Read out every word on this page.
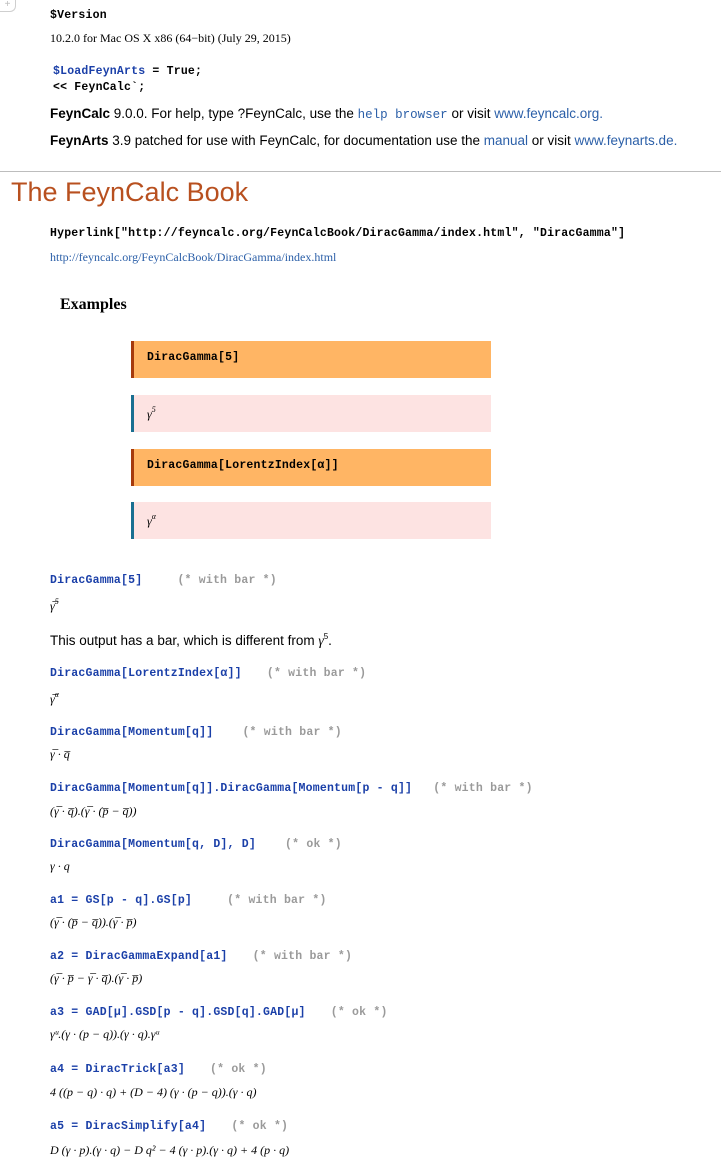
+
$Version
10.2.0 for Mac OS X x86 (64−bit) (July 29, 2015)
$LoadFeynArts = True;
<< FeynCalc`;
FeynCalc 9.0.0. For help, type ?FeynCalc, use the help browser or visit www.feyncalc.org.
FeynArts 3.9 patched for use with FeynCalc, for documentation use the manual or visit www.feynarts.de.
The FeynCalc Book
Hyperlink["http://feyncalc.org/FeynCalcBook/DiracGamma/index.html", "DiracGamma"]
http://feyncalc.org/FeynCalcBook/DiracGamma/index.html
Examples
DiracGamma[5]
$\gamma^5$
DiracGamma[LorentzIndex[α]]
$\gamma^\alpha$
DiracGamma[5]	(* with bar *)
γ̅$^5$
This output has a bar, which is different from $\gamma^5$.
DiracGamma[LorentzIndex[α]] (* with bar *)
γ̅$^\alpha$
DiracGamma[Momentum[q]]	(* with bar *)
γ̅ · q̅
DiracGamma[Momentum[q]].DiracGamma[Momentum[p - q]] (* with bar *)
(γ̅ · q̅).(γ̅ · (p̅ − q̅))
DiracGamma[Momentum[q, D], D]	(* ok *)
γ · q
a1 = GS[p - q].GS[p]	(* with bar *)
(γ̅ · (p̅ − q̅)).(γ̅ · p̅)
a2 = DiracGammaExpand[a1] (* with bar *)
(γ̅ · p̅ − γ̅ · q̅).(γ̅ · p̅)
a3 = GAD[μ].GSD[p - q].GSD[q].GAD[μ] (* ok *)
γᵘ.(γ · (p − q)).(γ · q).γᵘ
a4 = DiracTrick[a3] (* ok *)
4 ((p − q) · q) + (D − 4) (γ · (p − q)).(γ · q)
a5 = DiracSimplify[a4] (* ok *)
D (γ · p).(γ · q) − D q² − 4 (γ · p).(γ · q) + 4 (p · q)
